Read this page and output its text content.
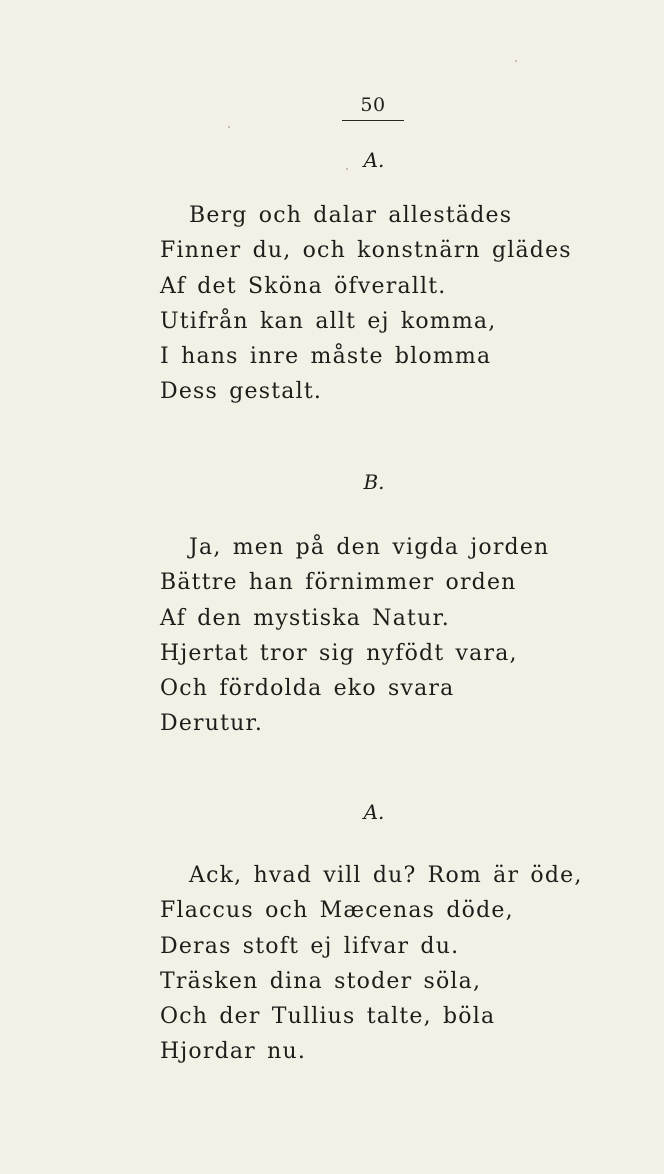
50
A.
Berg och dalar allestädes
Finner du, och konstnärn glädes
Af det Sköna öfverallt.
Utifrån kan allt ej komma,
I hans inre måste blomma
Dess gestalt.
B.
Ja, men på den vigda jorden
Bättre han förnimmer orden
Af den mystiska Natur.
Hjertat tror sig nyfödt vara,
Och fördolda eko svara
Derutur.
A.
Ack, hvad vill du? Rom är öde,
Flaccus och Mæcenas döde,
Deras stoft ej lifvar du.
Träsken dina stoder söla,
Och der Tullius talte, böla
Hjordar nu.
